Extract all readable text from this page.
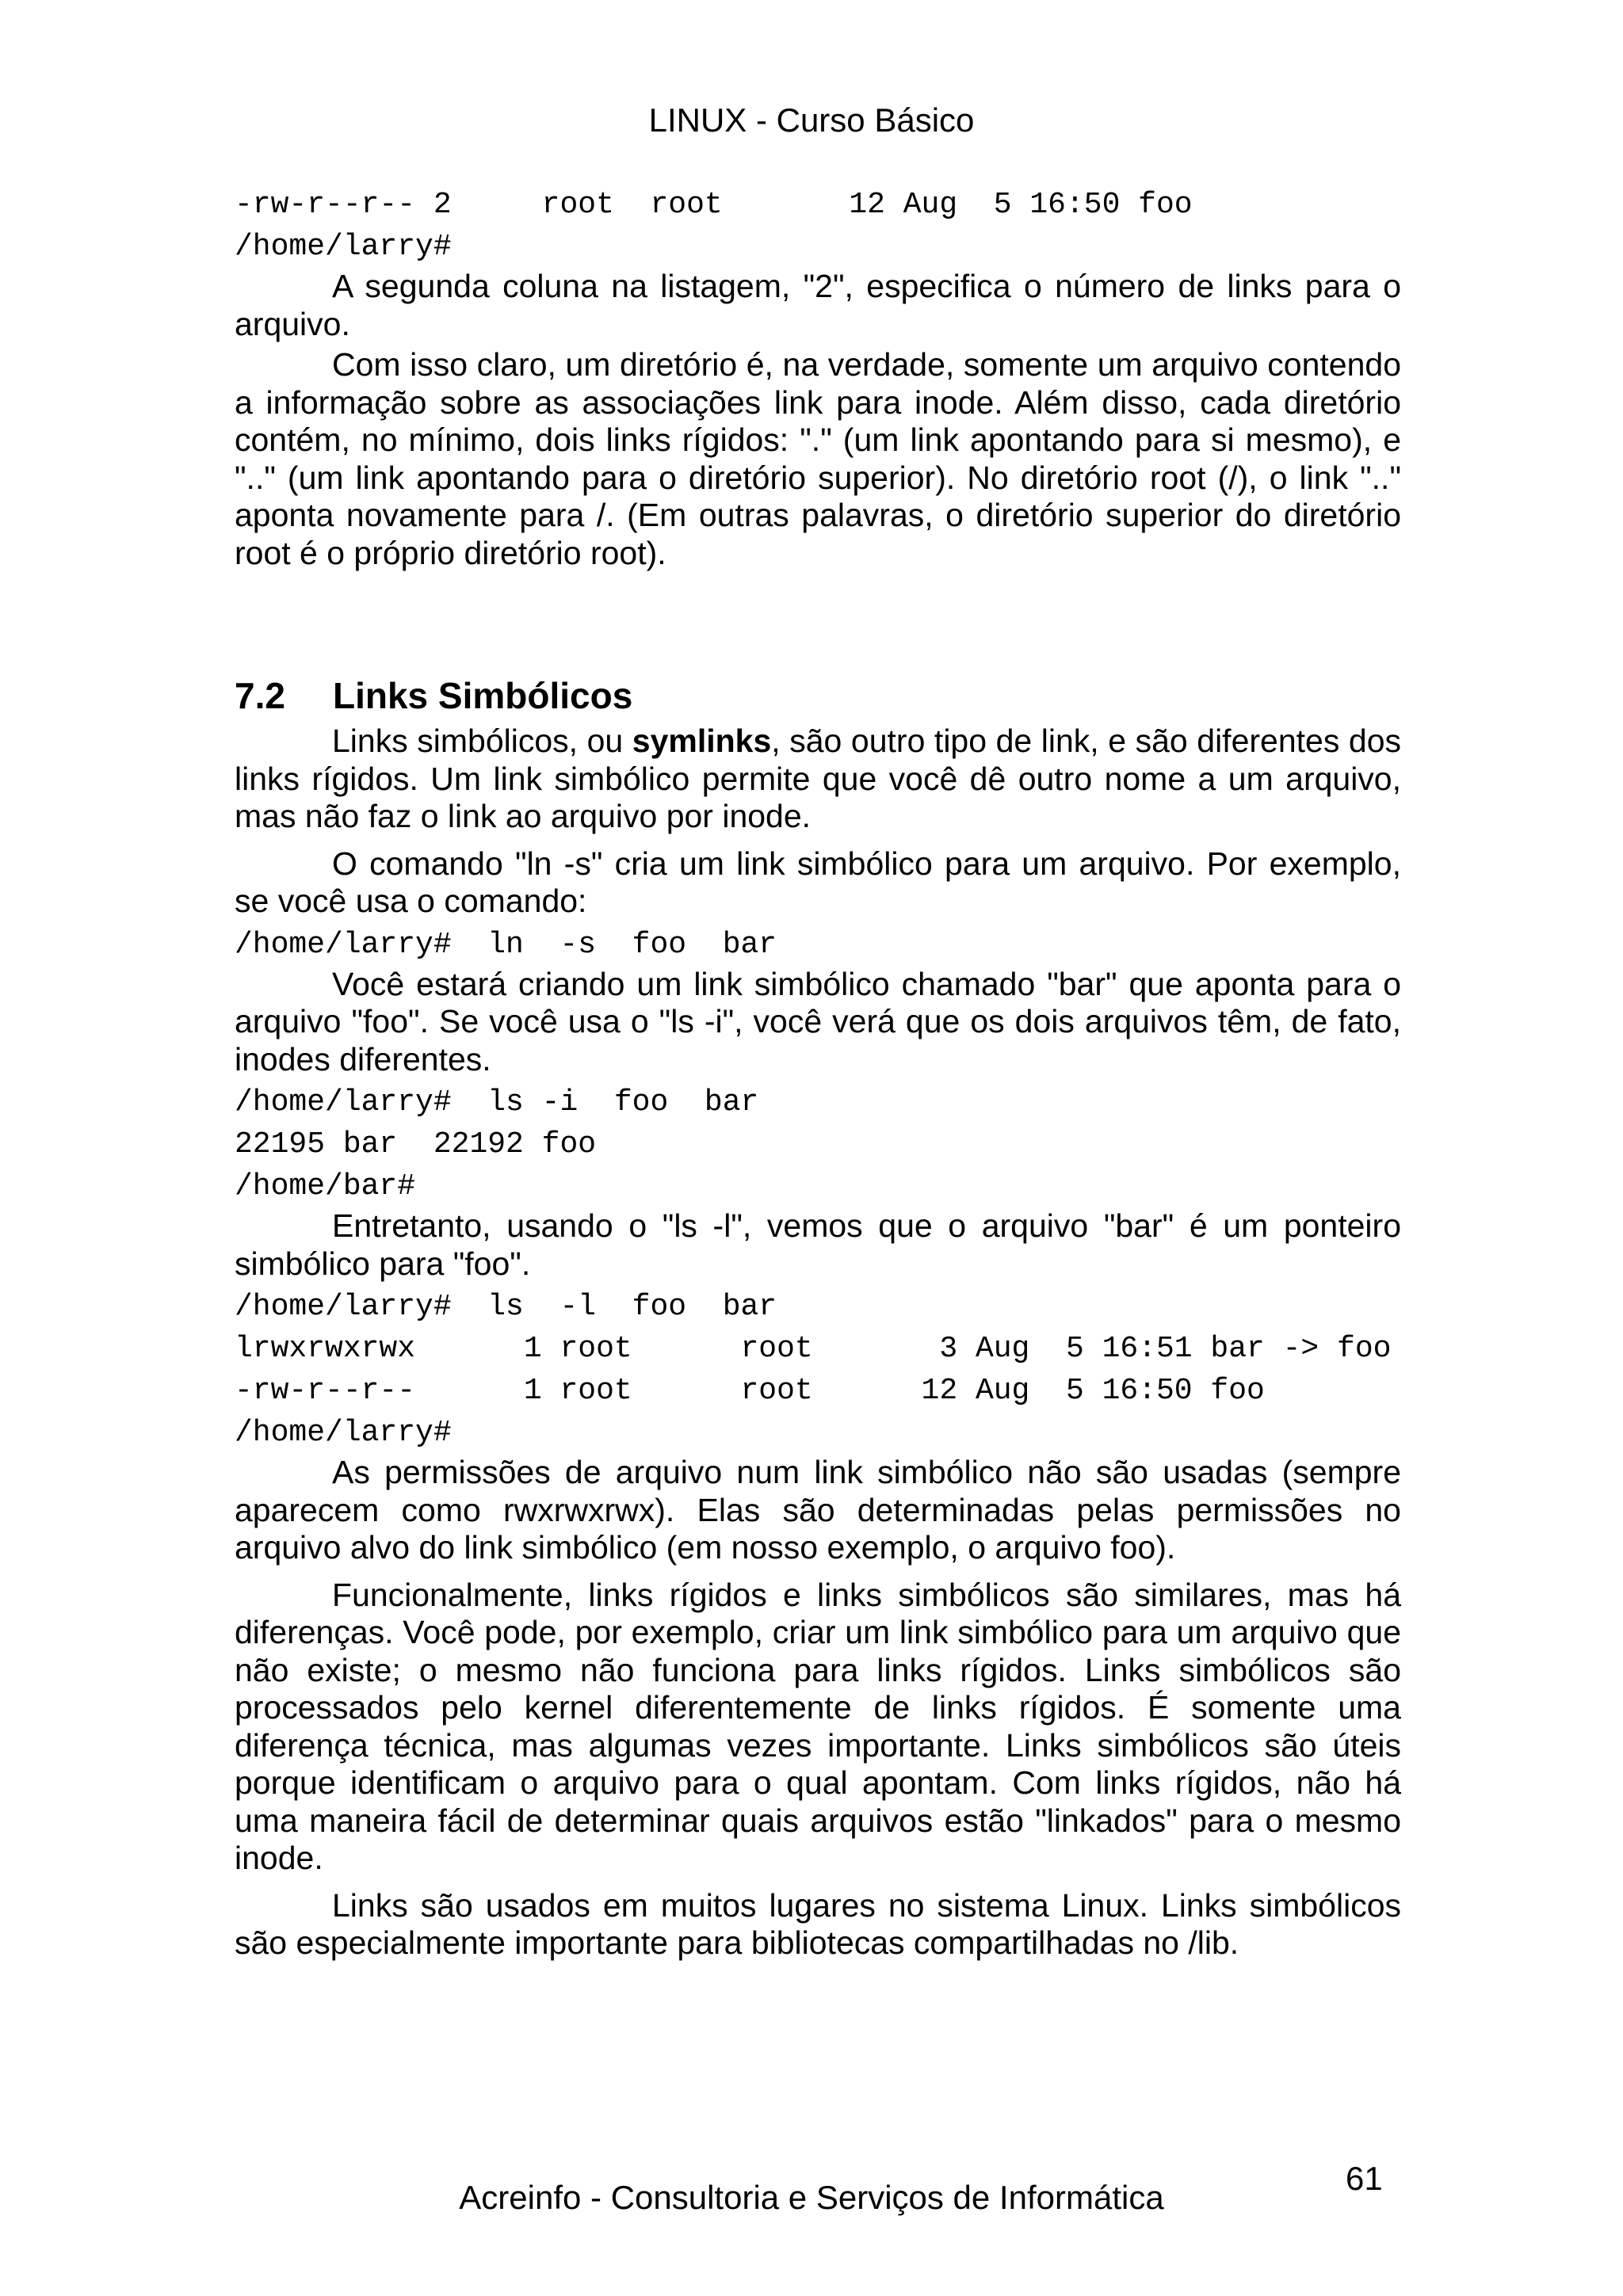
LINUX - Curso Básico
-rw-r--r-- 2     root  root       12 Aug  5 16:50 foo
/home/larry#

A segunda coluna na listagem, "2", especifica o número de links para o arquivo.

Com isso claro, um diretório é, na verdade, somente um arquivo contendo a informação sobre as associações link para inode. Além disso, cada diretório contém, no mínimo, dois links rígidos: "." (um link apontando para si mesmo), e ".." (um link apontando para o diretório superior). No diretório root (/), o link ".." aponta novamente para /. (Em outras palavras, o diretório superior do diretório root é o próprio diretório root).

7.2 Links Simbólicos

Links simbólicos, ou symlinks, são outro tipo de link, e são diferentes dos links rígidos. Um link simbólico permite que você dê outro nome a um arquivo, mas não faz o link ao arquivo por inode.

O comando "ln -s" cria um link simbólico para um arquivo. Por exemplo, se você usa o comando:

/home/larry#  ln  -s  foo  bar

Você estará criando um link simbólico chamado "bar" que aponta para o arquivo "foo". Se você usa o "ls -i", você verá que os dois arquivos têm, de fato, inodes diferentes.

/home/larry#  ls -i  foo  bar
22195 bar  22192 foo
/home/bar#

Entretanto, usando o "ls -l", vemos que o arquivo "bar" é um ponteiro simbólico para "foo".

/home/larry#  ls  -l  foo  bar
lrwxrwxrwx      1 root      root       3 Aug  5 16:51 bar -> foo
-rw-r--r--      1 root      root      12 Aug  5 16:50 foo
/home/larry#

As permissões de arquivo num link simbólico não são usadas (sempre aparecem como rwxrwxrwx). Elas são determinadas pelas permissões no arquivo alvo do link simbólico (em nosso exemplo, o arquivo foo).

Funcionalmente, links rígidos e links simbólicos são similares, mas há diferenças. Você pode, por exemplo, criar um link simbólico para um arquivo que não existe; o mesmo não funciona para links rígidos. Links simbólicos são processados pelo kernel diferentemente de links rígidos. É somente uma diferença técnica, mas algumas vezes importante. Links simbólicos são úteis porque identificam o arquivo para o qual apontam. Com links rígidos, não há uma maneira fácil de determinar quais arquivos estão "linkados" para o mesmo inode.

Links são usados em muitos lugares no sistema Linux. Links simbólicos são especialmente importante para bibliotecas compartilhadas no /lib.

Acreinfo - Consultoria e Serviços de Informática
61
